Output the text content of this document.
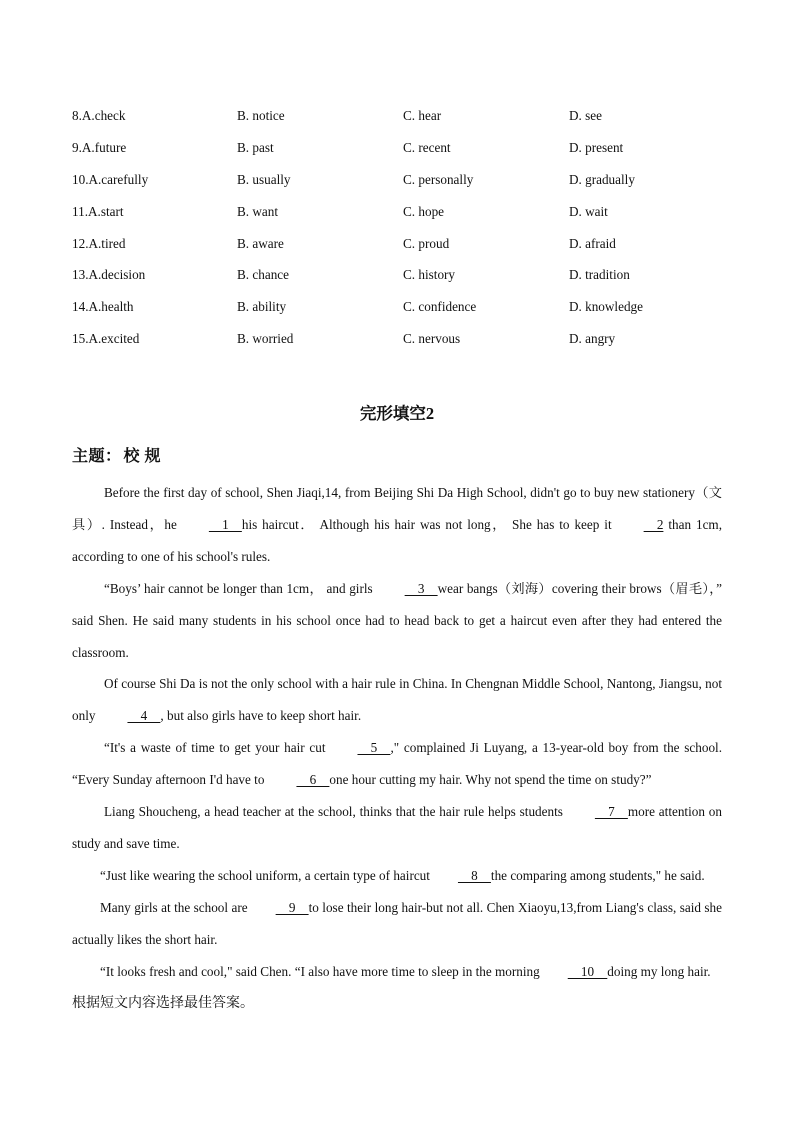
8.A.check	B. notice	C. hear	D. see
9.A.future	B. past	C. recent	D. present
10.A.carefully	B. usually	C. personally	D. gradually
11.A.start	B. want	C. hope	D. wait
12.A.tired	B. aware	C. proud	D. afraid
13.A.decision	B. chance	C. history	D. tradition
14.A.health	B. ability	C. confidence	D. knowledge
15.A.excited	B. worried	C. nervous	D. angry
完形填空2
主题： 校 规

Before the first day of school, Shen Jiaqi,14, from Beijing Shi Da High School, didn't go to buy new stationery（文具）. Instead，he    1    his haircut． Although his hair was not long， She has to keep it    2 than 1cm, according to one of his school's rules.

“Boys’ hair cannot be longer than 1cm， and girls    3    wear bangs（刘海）covering their brows（眉毛），” said Shen. He said many students in his school once had to head back to get a haircut even after they had entered the classroom.

Of course Shi Da is not the only school with a hair rule in China. In Chengnan Middle School, Nantong, Jiangsu, not only    4    , but also girls have to keep short hair.

“It's a waste of time to get your hair cut    5    ," complained Ji Luyang, a 13-year-old boy from the school. “Every Sunday afternoon I'd have to    6    one hour cutting my hair. Why not spend the time on study?”

Liang Shoucheng, a head teacher at the school, thinks that the hair rule helps students    7    more attention on study and save time.

“Just like wearing the school uniform, a certain type of haircut    8    the comparing among students," he said.

Many girls at the school are    9    to lose their long hair-but not all. Chen Xiaoyu,13,from Liang's class, said she actually likes the short hair.

“It looks fresh and cool," said Chen. “I also have more time to sleep in the morning    10    doing my long hair.

根据短文内容选择最佳答案。
